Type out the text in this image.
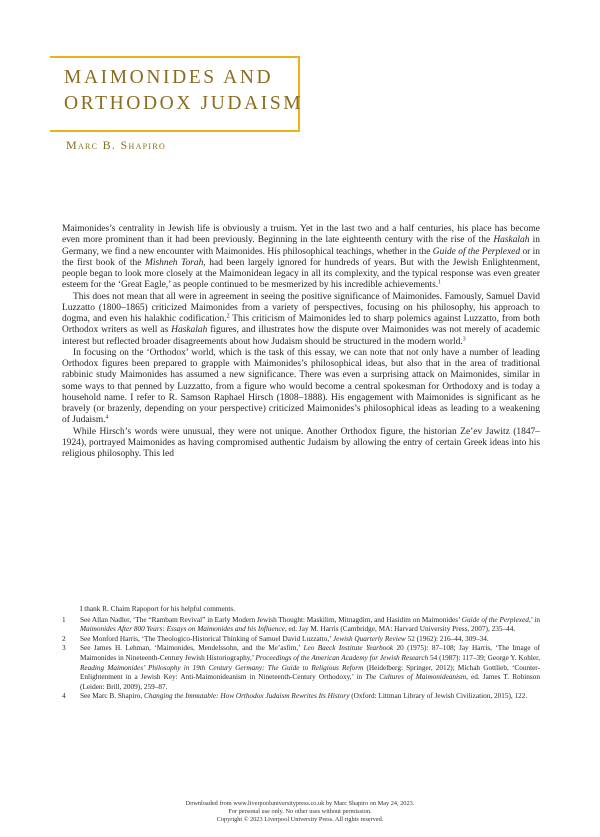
MAIMONIDES AND
ORTHODOX JUDAISM
Marc B. Shapiro

Maimonides’s centrality in Jewish life is obviously a truism. Yet in the last two and a half centuries, his place has become even more prominent than it had been previously. Beginning in the late eighteenth century with the rise of the Haskalah in Germany, we find a new encounter with Maimonides. His philosophical teachings, whether in the Guide of the Perplexed or in the first book of the Mishneh Torah, had been largely ignored for hundreds of years. But with the Jewish Enlightenment, people began to look more closely at the Maimonidean legacy in all its complexity, and the typical response was even greater esteem for the ‘Great Eagle,’ as people continued to be mesmerized by his incredible achievements.$^1$

This does not mean that all were in agreement in seeing the positive significance of Maimonides. Famously, Samuel David Luzzatto (1800–1865) criticized Maimonides from a variety of perspectives, focusing on his philosophy, his approach to dogma, and even his halakhic codification.$^2$ This criticism of Maimonides led to sharp polemics against Luzzatto, from both Orthodox writers as well as Haskalah figures, and illustrates how the dispute over Maimonides was not merely of academic interest but reflected broader disagreements about how Judaism should be structured in the modern world.$^3$

In focusing on the ‘Orthodox’ world, which is the task of this essay, we can note that not only have a number of leading Orthodox figures been prepared to grapple with Maimonides’s philosophical ideas, but also that in the area of traditional rabbinic study Maimonides has assumed a new significance. There was even a surprising attack on Maimonides, similar in some ways to that penned by Luzzatto, from a figure who would become a central spokesman for Orthodoxy and is today a household name. I refer to R. Samson Raphael Hirsch (1808–1888). His engagement with Maimonides is significant as he bravely (or brazenly, depending on your perspective) criticized Maimonides’s philosophical ideas as leading to a weakening of Judaism.$^4$

While Hirsch’s words were unusual, they were not unique. Another Orthodox figure, the historian Ze’ev Jawitz (1847–1924), portrayed Maimonides as having compromised authentic Judaism by allowing the entry of certain Greek ideas into his religious philosophy. This led

I thank R. Chaim Rapoport for his helpful comments.

1 See Allan Nadler, ‘The “Rambam Revival” in Early Modern Jewish Thought: Maskilim, Mitnagdim, and Hasidim on Maimonides’ Guide of the Perplexed,’ in Maimonides After 800 Years: Essays on Maimonides and his Influence, ed. Jay M. Harris (Cambridge, MA: Harvard University Press, 2007), 235–44.

2 See Monford Harris, ‘The Theologico-Historical Thinking of Samuel David Luzzatto,’ Jewish Quarterly Review 52 (1962): 216–44, 309–34.

3 See James H. Lehman, ‘Maimonides, Mendelssohn, and the Me’asfim,’ Leo Baeck Institute Yearbook 20 (1975): 87–108; Jay Harris, ‘The Image of Maimonides in Nineteenth-Century Jewish Historiography,’ Proceedings of the American Academy for Jewish Research 54 (1987): 117–39; George Y. Kohler, Reading Maimonides’ Philosophy in 19th Century Germany: The Guide to Religious Reform (Heidelberg: Springer, 2012); Michah Gottlieb, ‘Counter-Enlightenment in a Jewish Key: Anti-Maimonideanism in Nineteenth-Century Orthodoxy,’ in The Cultures of Maimonideanism, ed. James T. Robinson (Leiden: Brill, 2009), 259–87.

4 See Marc B. Shapiro, Changing the Immutable: How Orthodox Judaism Rewrites Its History (Oxford: Littman Library of Jewish Civilization, 2015), 122.

Downloaded from www.liverpooluniversitypress.co.uk by Marc Shapiro on May 24, 2023.
For personal use only. No other uses without permission.
Copyright © 2023 Liverpool University Press. All rights reserved.
